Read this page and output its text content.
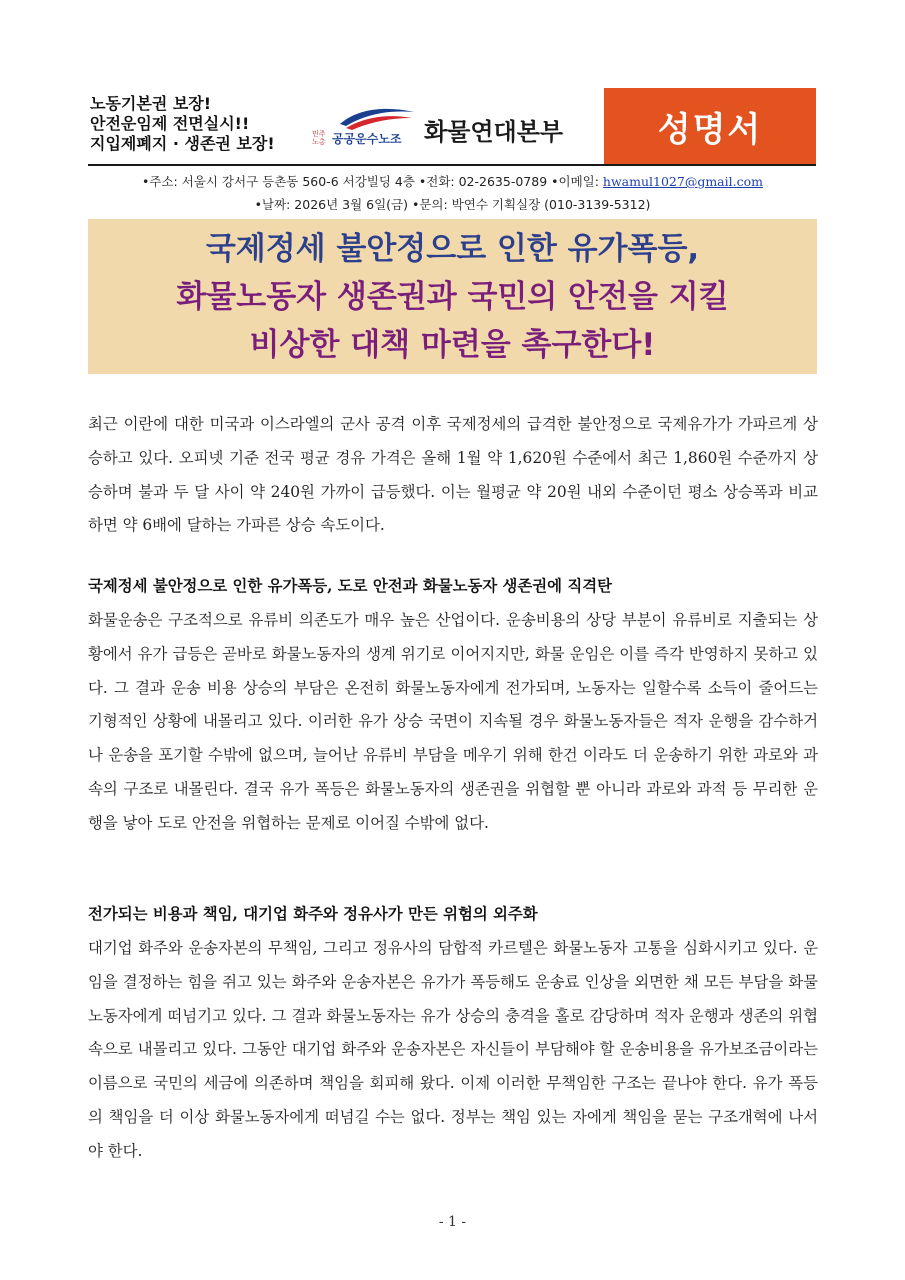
노동기본권 보장!
안전운임제 전면실시!!
지입제폐지 · 생존권 보장!	민주노총 공공운수노조 화물연대본부	성명서
•주소: 서울시 강서구 등촌동 560-6 서강빌딩 4층 •전화: 02-2635-0789 •이메일: hwamul1027@gmail.com
•날짜: 2026년 3월 6일(금) •문의: 박연수 기획실장 (010-3139-5312)
국제정세 불안정으로 인한 유가폭등,
화물노동자 생존권과 국민의 안전을 지킬
비상한 대책 마련을 촉구한다!
최근 이란에 대한 미국과 이스라엘의 군사 공격 이후 국제정세의 급격한 불안정으로 국제유가가 가파르게 상승하고 있다. 오피넷 기준 전국 평균 경유 가격은 올해 1월 약 1,620원 수준에서 최근 1,860원 수준까지 상승하며 불과 두 달 사이 약 240원 가까이 급등했다. 이는 월평균 약 20원 내외 수준이던 평소 상승폭과 비교하면 약 6배에 달하는 가파른 상승 속도이다.
국제정세 불안정으로 인한 유가폭등, 도로 안전과 화물노동자 생존권에 직격탄
화물운송은 구조적으로 유류비 의존도가 매우 높은 산업이다. 운송비용의 상당 부분이 유류비로 지출되는 상황에서 유가 급등은 곧바로 화물노동자의 생계 위기로 이어지지만, 화물 운임은 이를 즉각 반영하지 못하고 있다. 그 결과 운송 비용 상승의 부담은 온전히 화물노동자에게 전가되며, 노동자는 일할수록 소득이 줄어드는 기형적인 상황에 내몰리고 있다. 이러한 유가 상승 국면이 지속될 경우 화물노동자들은 적자 운행을 감수하거나 운송을 포기할 수밖에 없으며, 늘어난 유류비 부담을 메우기 위해 한건 이라도 더 운송하기 위한 과로와 과속의 구조로 내몰린다. 결국 유가 폭등은 화물노동자의 생존권을 위협할 뿐 아니라 과로와 과적 등 무리한 운행을 낳아 도로 안전을 위협하는 문제로 이어질 수밖에 없다.
전가되는 비용과 책임, 대기업 화주와 정유사가 만든 위험의 외주화
대기업 화주와 운송자본의 무책임, 그리고 정유사의 담합적 카르텔은 화물노동자 고통을 심화시키고 있다. 운임을 결정하는 힘을 쥐고 있는 화주와 운송자본은 유가가 폭등해도 운송료 인상을 외면한 채 모든 부담을 화물노동자에게 떠넘기고 있다. 그 결과 화물노동자는 유가 상승의 충격을 홀로 감당하며 적자 운행과 생존의 위협 속으로 내몰리고 있다. 그동안 대기업 화주와 운송자본은 자신들이 부담해야 할 운송비용을 유가보조금이라는 이름으로 국민의 세금에 의존하며 책임을 회피해 왔다. 이제 이러한 무책임한 구조는 끝나야 한다. 유가 폭등의 책임을 더 이상 화물노동자에게 떠넘길 수는 없다. 정부는 책임 있는 자에게 책임을 묻는 구조개혁에 나서야 한다.
- 1 -
